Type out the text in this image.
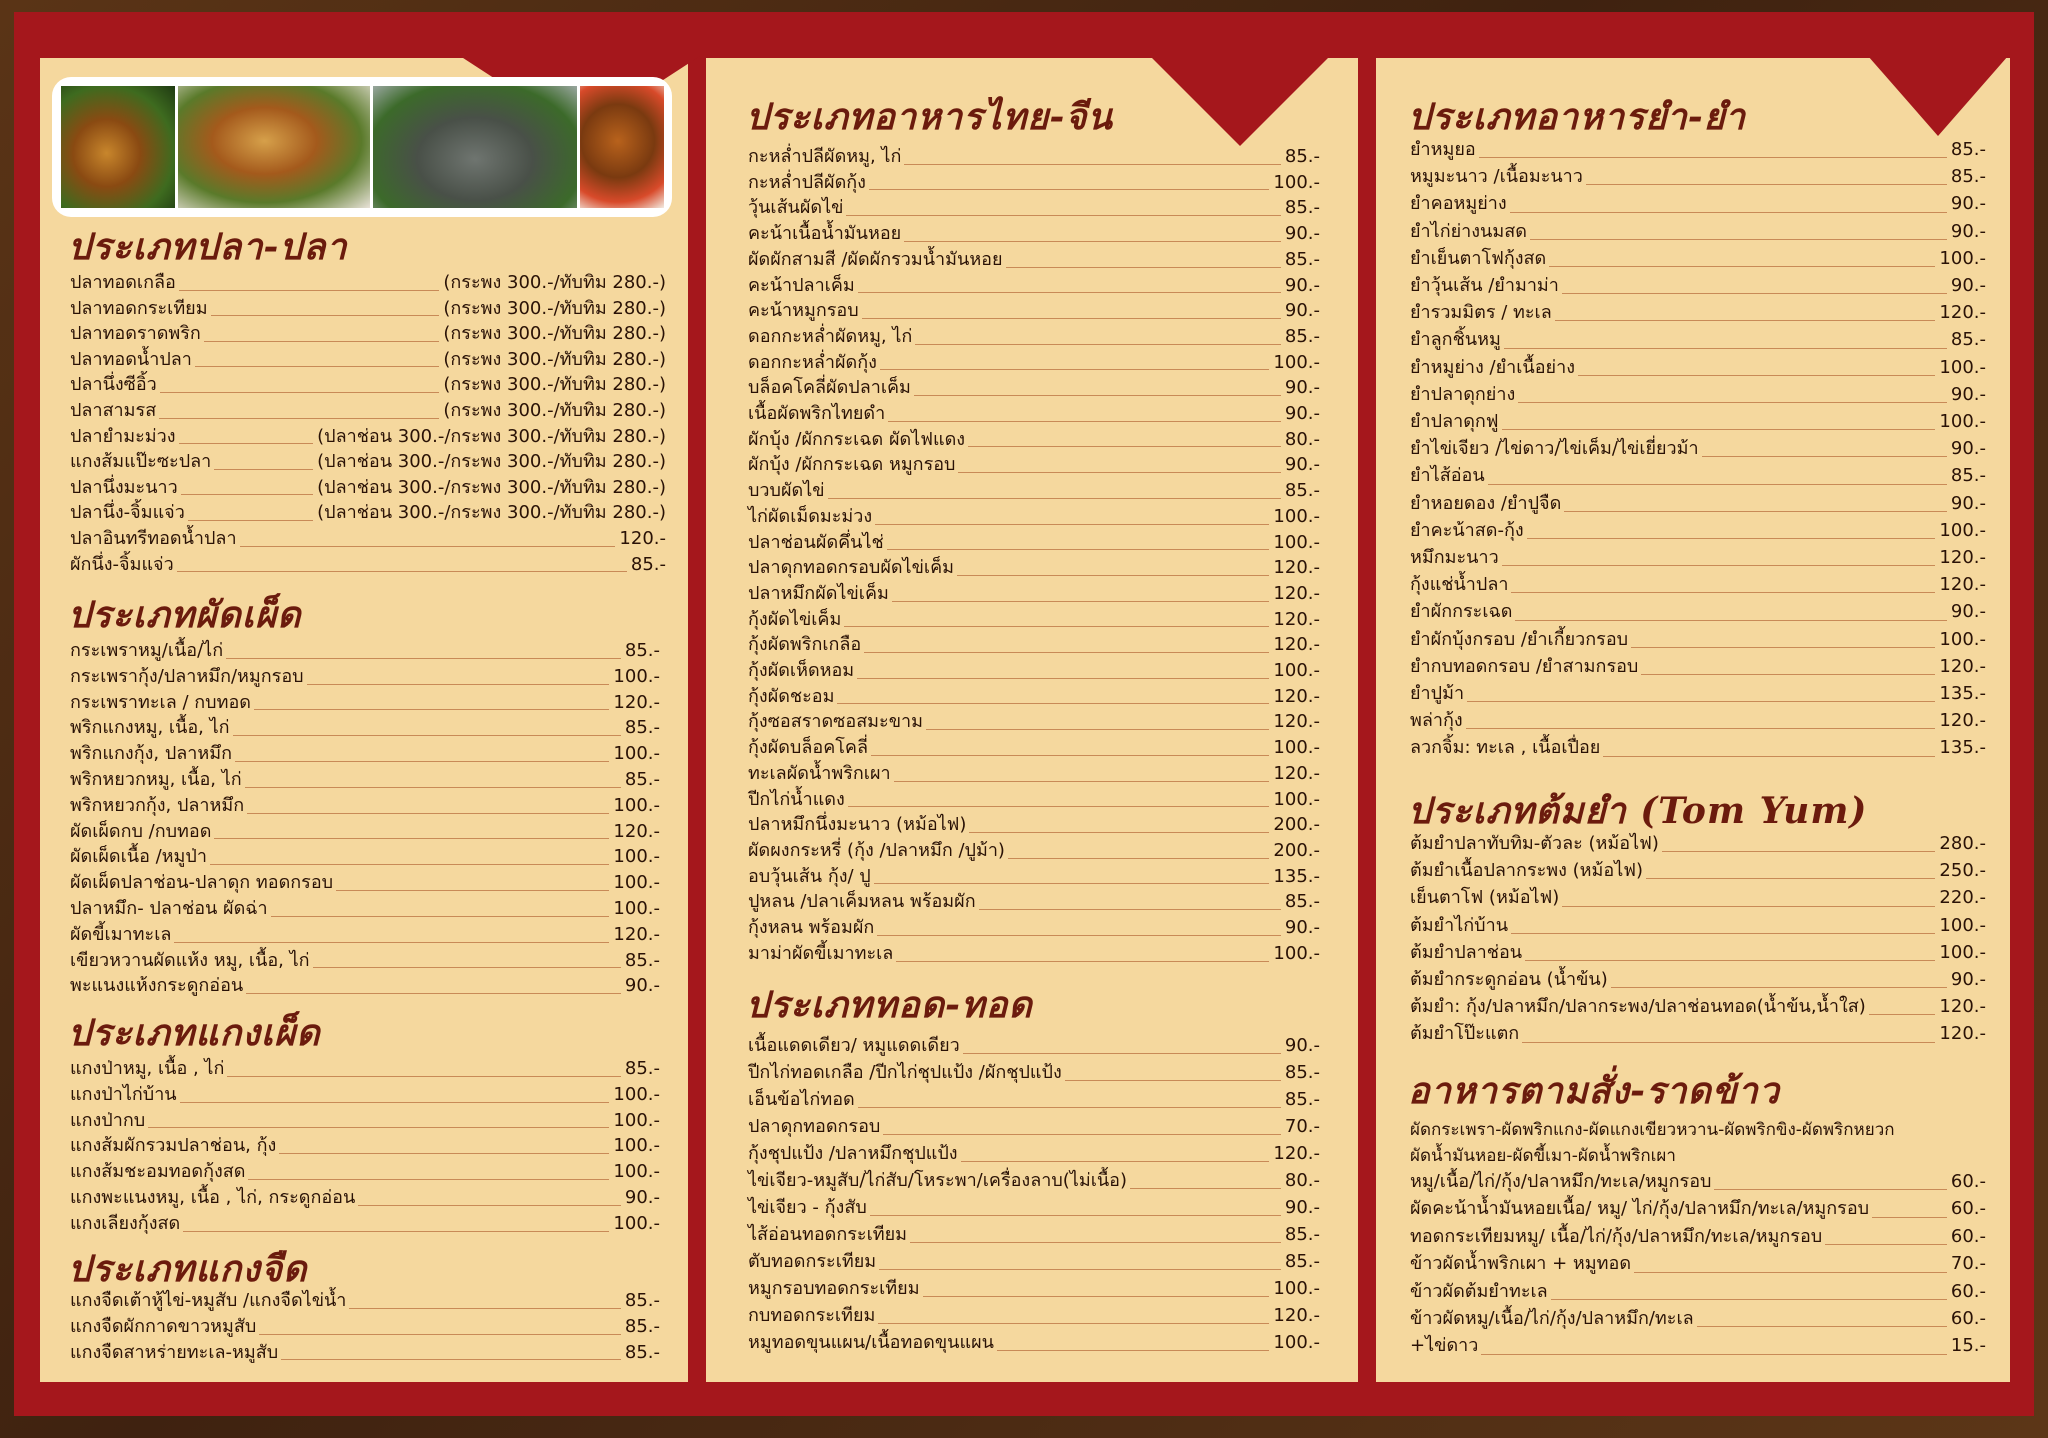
ประเภทปลา-ปลา
ปลาทอดเกลือ	(กระพง 300.-/ทับทิม 280.-)
ปลาทอดกระเทียม	(กระพง 300.-/ทับทิม 280.-)
ปลาทอดราดพริก	(กระพง 300.-/ทับทิม 280.-)
ปลาทอดน้ำปลา	(กระพง 300.-/ทับทิม 280.-)
ปลานึ่งซีอิ้ว	(กระพง 300.-/ทับทิม 280.-)
ปลาสามรส	(กระพง 300.-/ทับทิม 280.-)
ปลายำมะม่วง	(ปลาช่อน 300.-/กระพง 300.-/ทับทิม 280.-)
แกงส้มแป๊ะซะปลา	(ปลาช่อน 300.-/กระพง 300.-/ทับทิม 280.-)
ปลานึ่งมะนาว	(ปลาช่อน 300.-/กระพง 300.-/ทับทิม 280.-)
ปลานึ่ง-จิ้มแจ่ว	(ปลาช่อน 300.-/กระพง 300.-/ทับทิม 280.-)
ปลาอินทรีทอดน้ำปลา	120.-
ผักนึ่ง-จิ้มแจ่ว	85.-
ประเภทผัดเผ็ด
กระเพราหมู/เนื้อ/ไก่	85.-
กระเพรากุ้ง/ปลาหมึก/หมูกรอบ	100.-
กระเพราทะเล / กบทอด	120.-
พริกแกงหมู, เนื้อ, ไก่	85.-
พริกแกงกุ้ง, ปลาหมึก	100.-
พริกหยวกหมู, เนื้อ, ไก่	85.-
พริกหยวกกุ้ง, ปลาหมึก	100.-
ผัดเผ็ดกบ /กบทอด	120.-
ผัดเผ็ดเนื้อ /หมูป่า	100.-
ผัดเผ็ดปลาช่อน-ปลาดุก ทอดกรอบ	100.-
ปลาหมึก- ปลาช่อน ผัดฉ่า	100.-
ผัดขี้เมาทะเล	120.-
เขียวหวานผัดแห้ง หมู, เนื้อ, ไก่	85.-
พะแนงแห้งกระดูกอ่อน	90.-
ประเภทแกงเผ็ด
แกงป่าหมู, เนื้อ , ไก่	85.-
แกงป่าไก่บ้าน	100.-
แกงป่ากบ	100.-
แกงส้มผักรวมปลาช่อน, กุ้ง	100.-
แกงส้มชะอมทอดกุ้งสด	100.-
แกงพะแนงหมู, เนื้อ , ไก่, กระดูกอ่อน	90.-
แกงเลียงกุ้งสด	100.-
ประเภทแกงจืด
แกงจืดเต้าหู้ไข่-หมูสับ /แกงจืดไข่น้ำ	85.-
แกงจืดผักกาดขาวหมูสับ	85.-
แกงจืดสาหร่ายทะเล-หมูสับ	85.-
ประเภทอาหารไทย-จีน
กะหล่ำปลีผัดหมู, ไก่	85.-
กะหล่ำปลีผัดกุ้ง	100.-
วุ้นเส้นผัดไข่	85.-
คะน้าเนื้อน้ำมันหอย	90.-
ผัดผักสามสี /ผัดผักรวมน้ำมันหอย	85.-
คะน้าปลาเค็ม	90.-
คะน้าหมูกรอบ	90.-
ดอกกะหล่ำผัดหมู, ไก่	85.-
ดอกกะหล่ำผัดกุ้ง	100.-
บล็อคโคลี่ผัดปลาเค็ม	90.-
เนื้อผัดพริกไทยดำ	90.-
ผักบุ้ง /ผักกระเฉด ผัดไฟแดง	80.-
ผักบุ้ง /ผักกระเฉด หมูกรอบ	90.-
บวบผัดไข่	85.-
ไก่ผัดเม็ดมะม่วง	100.-
ปลาช่อนผัดคึ่นไช่	100.-
ปลาดุกทอดกรอบผัดไข่เค็ม	120.-
ปลาหมึกผัดไข่เค็ม	120.-
กุ้งผัดไข่เค็ม	120.-
กุ้งผัดพริกเกลือ	120.-
กุ้งผัดเห็ดหอม	100.-
กุ้งผัดชะอม	120.-
กุ้งซอสราดซอสมะขาม	120.-
กุ้งผัดบล็อคโคลี่	100.-
ทะเลผัดน้ำพริกเผา	120.-
ปีกไก่น้ำแดง	100.-
ปลาหมึกนึ่งมะนาว (หม้อไฟ)	200.-
ผัดผงกระหรี่ (กุ้ง /ปลาหมึก /ปูม้า)	200.-
อบวุ้นเส้น กุ้ง/ ปู	135.-
ปูหลน /ปลาเค็มหลน พร้อมผัก	85.-
กุ้งหลน พร้อมผัก	90.-
มาม่าผัดขี้เมาทะเล	100.-
ประเภททอด-ทอด
เนื้อแดดเดียว/ หมูแดดเดียว	90.-
ปีกไก่ทอดเกลือ /ปีกไก่ชุปแป้ง /ผักชุปแป้ง	85.-
เอ็นข้อไก่ทอด	85.-
ปลาดุกทอดกรอบ	70.-
กุ้งชุปแป้ง /ปลาหมึกชุปแป้ง	120.-
ไข่เจียว-หมูสับ/ไก่สับ/โหระพา/เครื่องลาบ(ไม่เนื้อ)	80.-
ไข่เจียว - กุ้งสับ	90.-
ไส้อ่อนทอดกระเทียม	85.-
ตับทอดกระเทียม	85.-
หมูกรอบทอดกระเทียม	100.-
กบทอดกระเทียม	120.-
หมูทอดขุนแผน/เนื้อทอดขุนแผน	100.-
ประเภทอาหารยำ-ยำ
ยำหมูยอ	85.-
หมูมะนาว /เนื้อมะนาว	85.-
ยำคอหมูย่าง	90.-
ยำไก่ย่างนมสด	90.-
ยำเย็นตาโฟกุ้งสด	100.-
ยำวุ้นเส้น /ยำมาม่า	90.-
ยำรวมมิตร / ทะเล	120.-
ยำลูกชิ้นหมู	85.-
ยำหมูย่าง /ยำเนื้อย่าง	100.-
ยำปลาดุกย่าง	90.-
ยำปลาดุกฟู	100.-
ยำไข่เจียว /ไข่ดาว/ไข่เค็ม/ไข่เยี่ยวม้า	90.-
ยำไส้อ่อน	85.-
ยำหอยดอง /ยำปูจืด	90.-
ยำคะน้าสด-กุ้ง	100.-
หมึกมะนาว	120.-
กุ้งแช่น้ำปลา	120.-
ยำผักกระเฉด	90.-
ยำผักบุ้งกรอบ /ยำเกี้ยวกรอบ	100.-
ยำกบทอดกรอบ /ยำสามกรอบ	120.-
ยำปูม้า	135.-
พล่ากุ้ง	120.-
ลวกจิ้ม: ทะเล , เนื้อเปื่อย	135.-
ประเภทต้มยำ (Tom Yum)
ต้มยำปลาทับทิม-ตัวละ (หม้อไฟ)	280.-
ต้มยำเนื้อปลากระพง (หม้อไฟ)	250.-
เย็นตาโฟ (หม้อไฟ)	220.-
ต้มยำไก่บ้าน	100.-
ต้มยำปลาช่อน	100.-
ต้มยำกระดูกอ่อน (น้ำข้น)	90.-
ต้มยำ: กุ้ง/ปลาหมึก/ปลากระพง/ปลาช่อนทอด(น้ำข้น,น้ำใส)	120.-
ต้มยำโป๊ะแตก	120.-
อาหารตามสั่ง-ราดข้าว
ผัดกระเพรา-ผัดพริกแกง-ผัดแกงเขียวหวาน-ผัดพริกขิง-ผัดพริกหยวก
ผัดน้ำมันหอย-ผัดขี้เมา-ผัดน้ำพริกเผา
หมู/เนื้อ/ไก่/กุ้ง/ปลาหมึก/ทะเล/หมูกรอบ	60.-
ผัดคะน้าน้ำมันหอยเนื้อ/ หมู/ ไก่/กุ้ง/ปลาหมึก/ทะเล/หมูกรอบ	60.-
ทอดกระเทียมหมู/ เนื้อ/ไก่/กุ้ง/ปลาหมึก/ทะเล/หมูกรอบ	60.-
ข้าวผัดน้ำพริกเผา + หมูทอด	70.-
ข้าวผัดต้มยำทะเล	60.-
ข้าวผัดหมู/เนื้อ/ไก่/กุ้ง/ปลาหมึก/ทะเล	60.-
+ไข่ดาว	15.-
